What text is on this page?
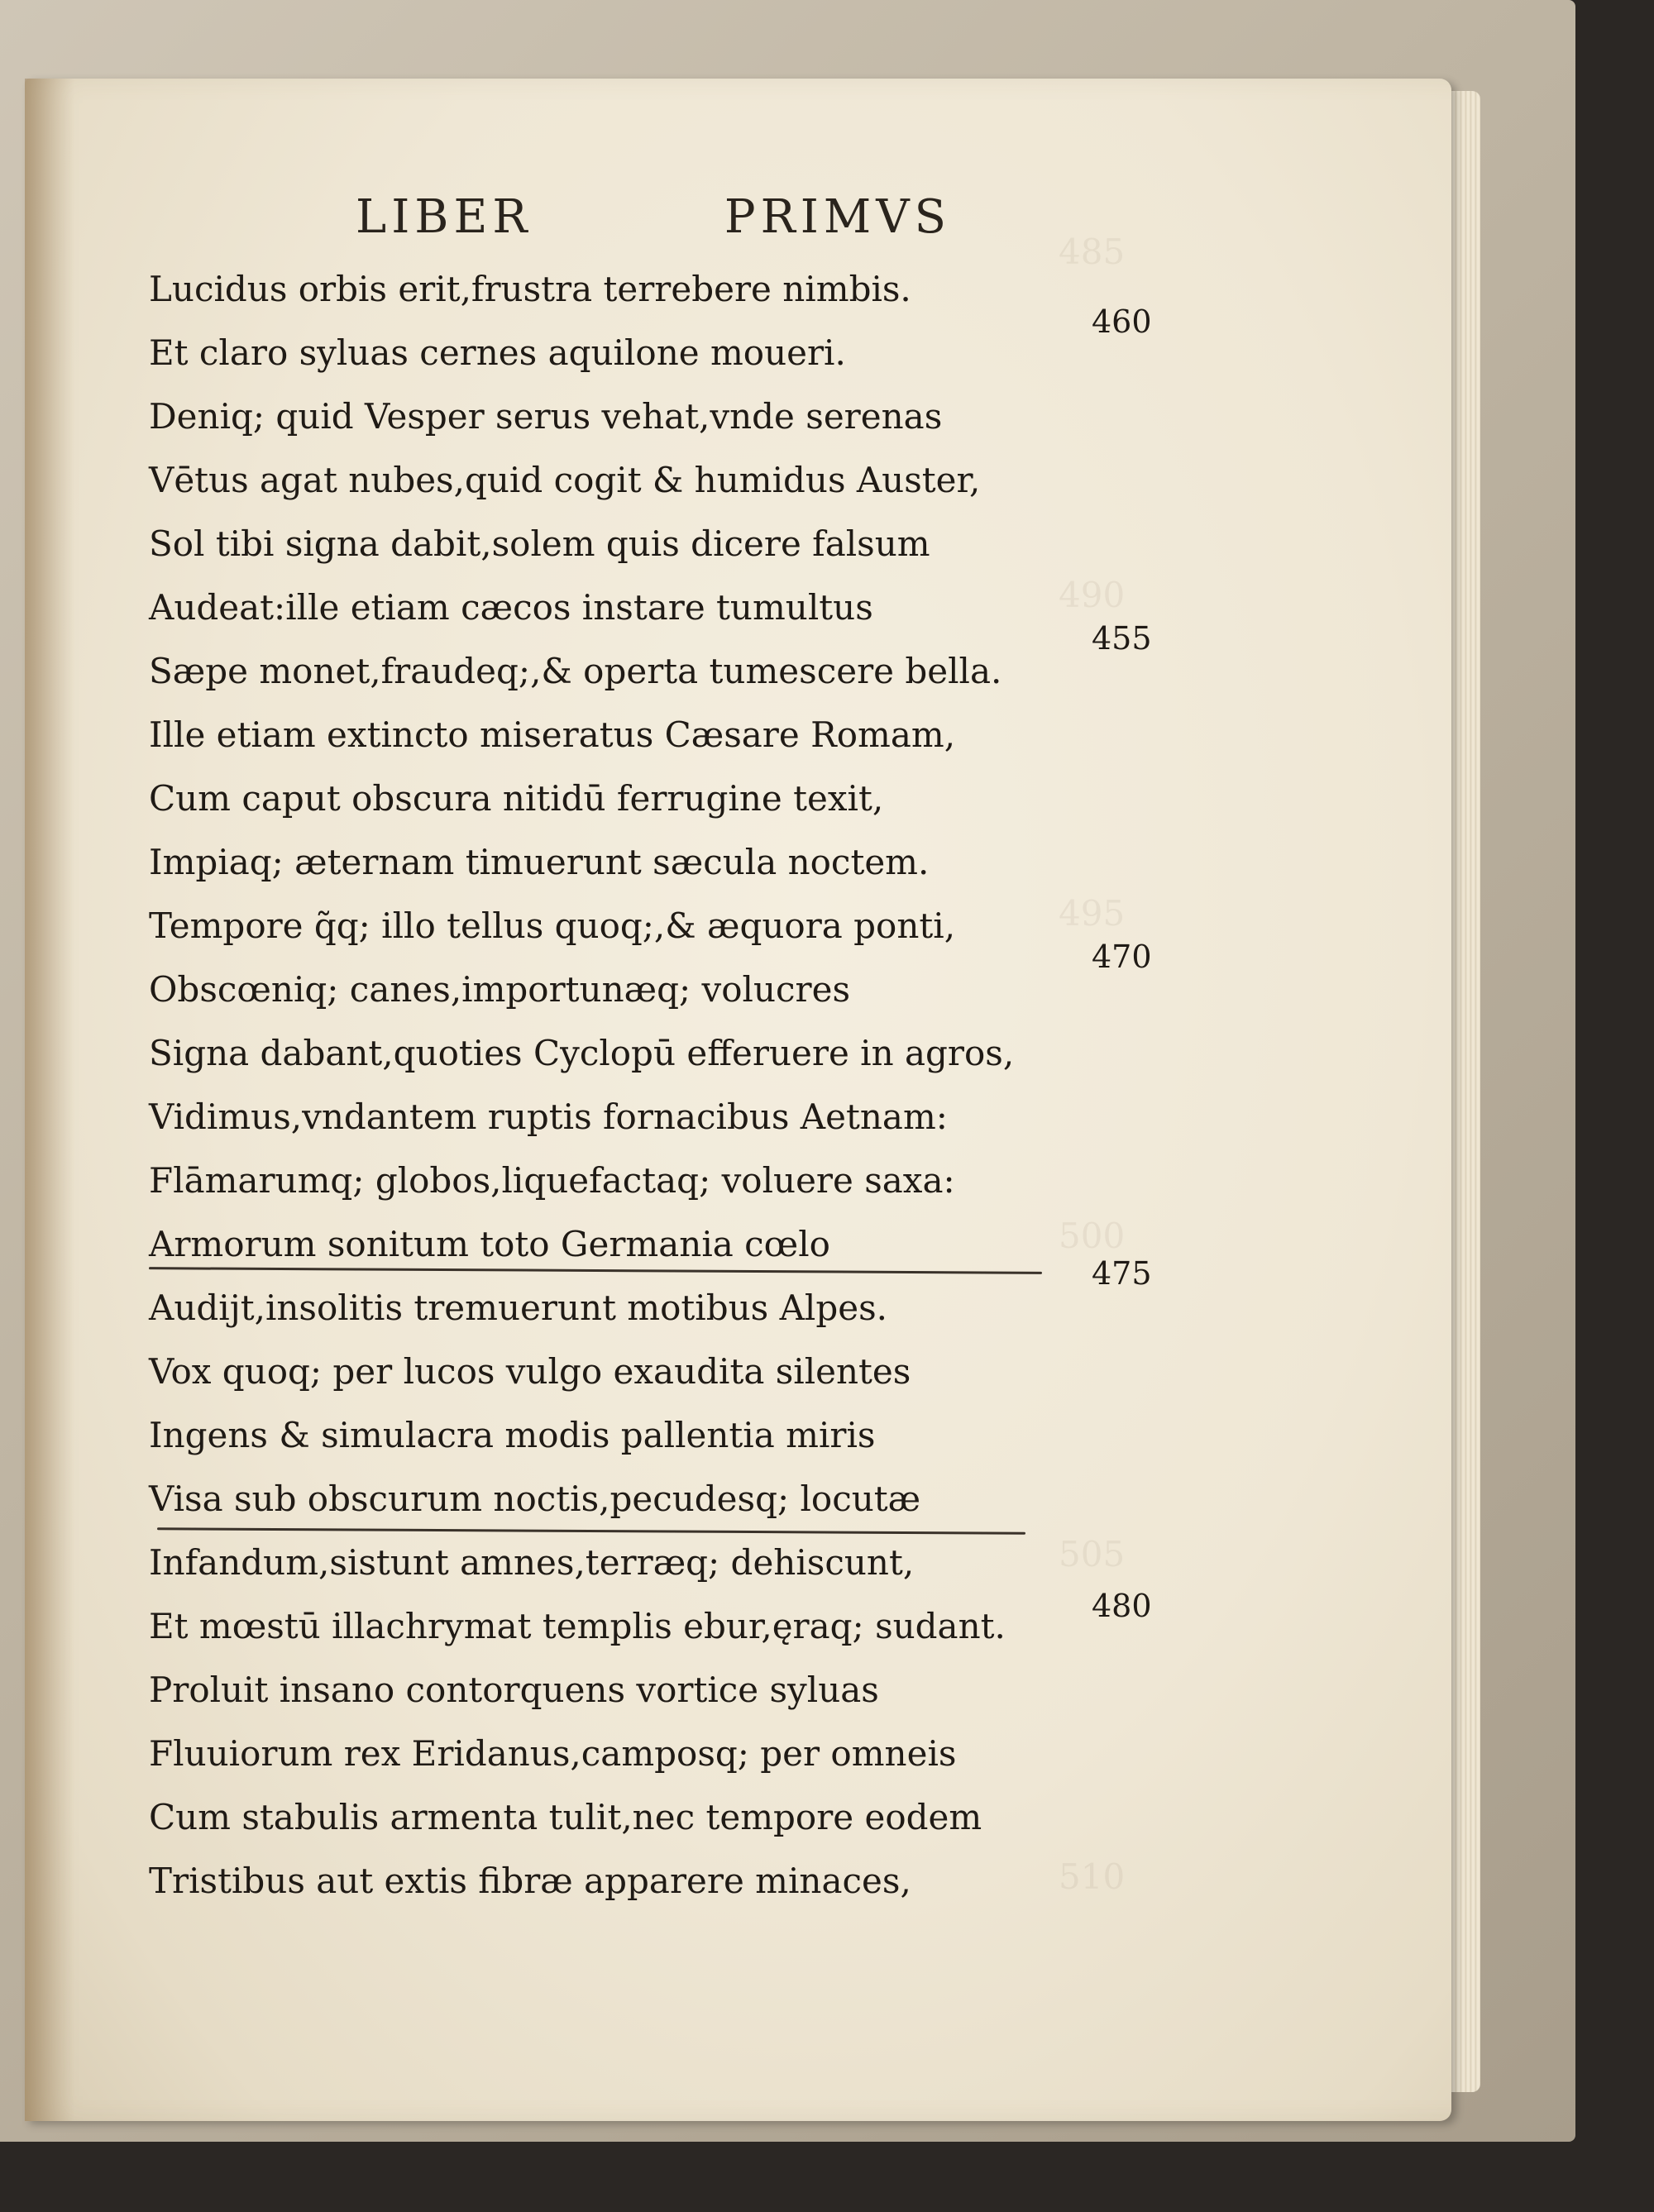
485
490
495
500
505
510
LIBER	PRIMVS
Lucidus orbis erit,frustra terrebere nimbis.
Et claro syluas cernes aquilone moueri.
Deniq; quid Vesper serus vehat,vnde serenas
Vētus agat nubes,quid cogit & humidus Auster,
Sol tibi signa dabit,solem quis dicere falsum
Audeat:ille etiam cæcos instare tumultus
Sæpe monet,fraudeq;,& operta tumescere bella.
Ille etiam extincto miseratus Cæsare Romam,
Cum caput obscura nitidū ferrugine texit,
Impiaq; æternam timuerunt sæcula noctem.
Tempore q̃q; illo tellus quoq;,& æquora ponti,
Obscœniq; canes,importunæq; volucres
Signa dabant,quoties Cyclopū efferuere in agros,
Vidimus,vndantem ruptis fornacibus Aetnam:
Flāmarumq; globos,liquefactaq; voluere saxa:
Armorum sonitum toto Germania cœlo
Audijt,insolitis tremuerunt motibus Alpes.
Vox quoq; per lucos vulgo exaudita silentes
Ingens & simulacra modis pallentia miris
Visa sub obscurum noctis,pecudesq; locutæ
Infandum,sistunt amnes,terræq; dehiscunt,
Et mœstū illachrymat templis ebur,ęraq; sudant.
Proluit insano contorquens vortice syluas
Fluuiorum rex Eridanus,camposq; per omneis
Cum stabulis armenta tulit,nec tempore eodem
Tristibus aut extis fibræ apparere minaces,
460
455
470
475
480
